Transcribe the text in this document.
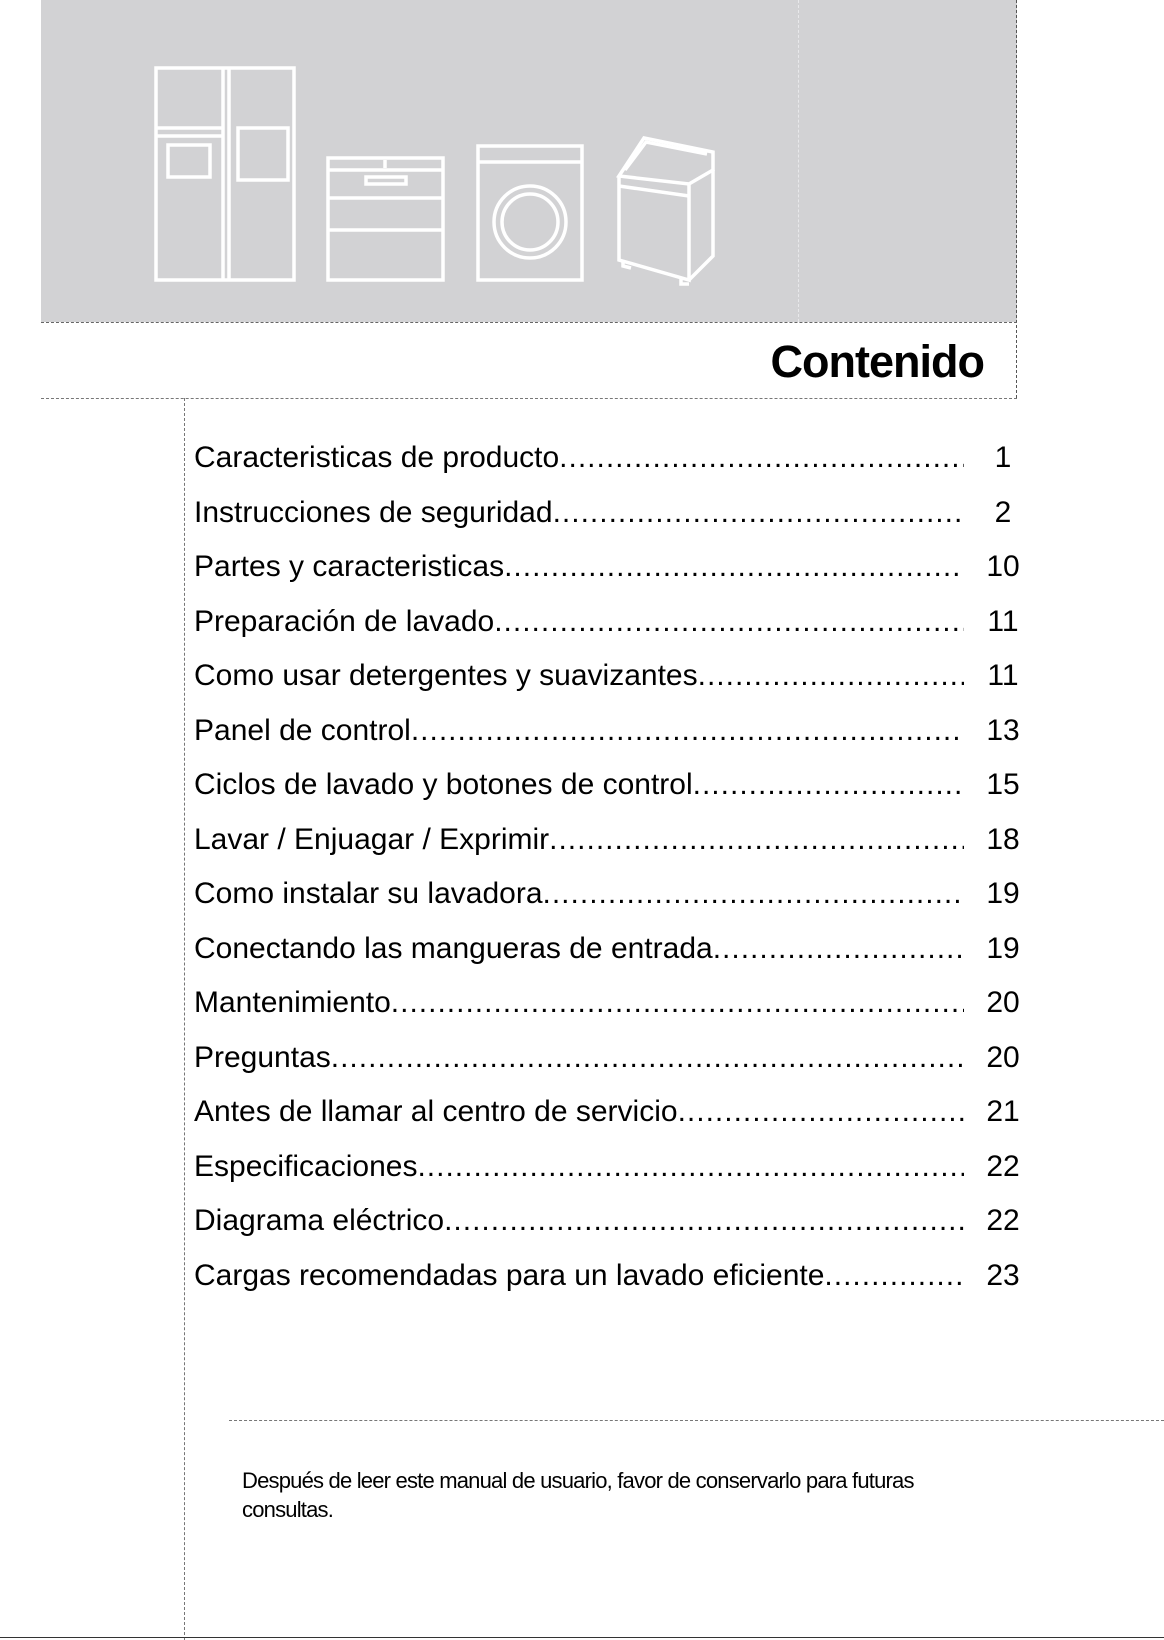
Contenido
Caracteristicas de producto .....	1
Instrucciones de seguridad .....	2
Partes y caracteristicas .....	10
Preparación de lavado .....	11
Como usar detergentes y suavizantes .....	11
Panel de control .....	13
Ciclos de lavado y botones de control .....	15
Lavar / Enjuagar / Exprimir .....	18
Como instalar su lavadora .....	19
Conectando las mangueras de entrada .....	19
Mantenimiento .....	20
Preguntas .....	20
Antes de llamar al centro de servicio .....	21
Especificaciones .....	22
Diagrama eléctrico .....	22
Cargas recomendadas para un lavado eficiente .....	23

Después de leer este manual de usuario, favor de conservarlo para futuras consultas.
